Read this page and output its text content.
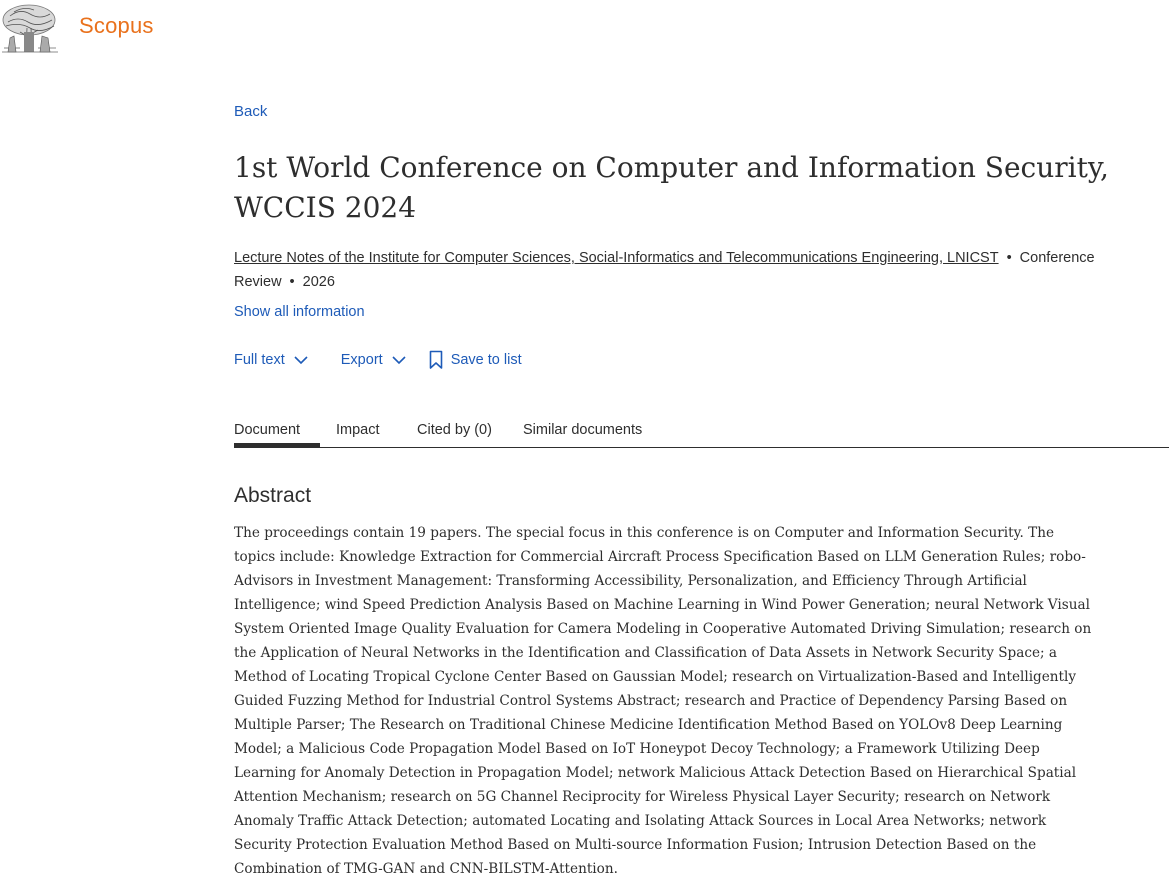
Scopus
Back
1st World Conference on Computer and Information Security, WCCIS 2024
Lecture Notes of the Institute for Computer Sciences, Social-Informatics and Telecommunications Engineering, LNICST • Conference Review • 2026
Show all information
Full text	Export	Save to list
Document Impact	Cited by (0) Similar documents
Abstract

The proceedings contain 19 papers. The special focus in this conference is on Computer and Information Security. The topics include: Knowledge Extraction for Commercial Aircraft Process Specification Based on LLM Generation Rules; robo-Advisors in Investment Management: Transforming Accessibility, Personalization, and Efficiency Through Artificial Intelligence; wind Speed Prediction Analysis Based on Machine Learning in Wind Power Generation; neural Network Visual System Oriented Image Quality Evaluation for Camera Modeling in Cooperative Automated Driving Simulation; research on the Application of Neural Networks in the Identification and Classification of Data Assets in Network Security Space; a Method of Locating Tropical Cyclone Center Based on Gaussian Model; research on Virtualization-Based and Intelligently Guided Fuzzing Method for Industrial Control Systems Abstract; research and Practice of Dependency Parsing Based on Multiple Parser; The Research on Traditional Chinese Medicine Identification Method Based on YOLOv8 Deep Learning Model; a Malicious Code Propagation Model Based on IoT Honeypot Decoy Technology; a Framework Utilizing Deep Learning for Anomaly Detection in Propagation Model; network Malicious Attack Detection Based on Hierarchical Spatial Attention Mechanism; research on 5G Channel Reciprocity for Wireless Physical Layer Security; research on Network Anomaly Traffic Attack Detection; automated Locating and Isolating Attack Sources in Local Area Networks; network Security Protection Evaluation Method Based on Multi-source Information Fusion; Intrusion Detection Based on the Combination of TMG-GAN and CNN-BILSTM-Attention.
